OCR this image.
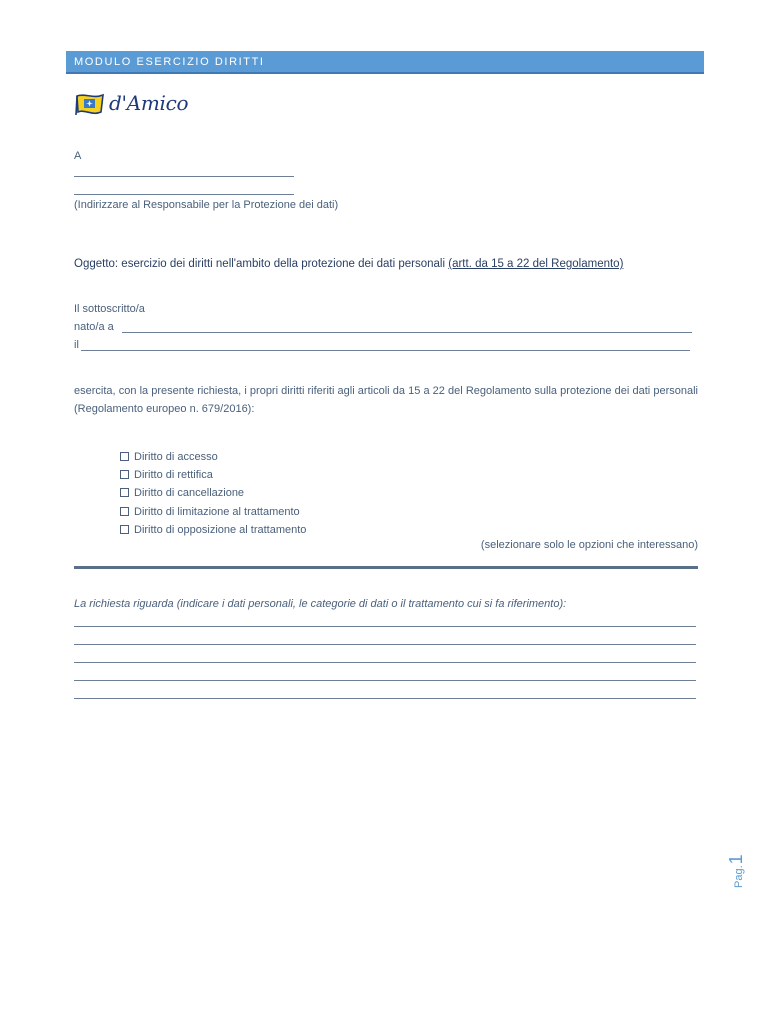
MODULO ESERCIZIO DIRITTI
d'Amico
A
(Indirizzare al Responsabile per la Protezione dei dati)
Oggetto: esercizio dei diritti nell'ambito della protezione dei dati personali (artt. da 15 a 22 del Regolamento)
Il sottoscritto/a
nato/a a
il
esercita, con la presente richiesta, i propri diritti riferiti agli articoli da 15 a 22 del Regolamento sulla protezione dei dati personali (Regolamento europeo n. 679/2016):
Diritto di accesso
Diritto di rettifica
Diritto di cancellazione
Diritto di limitazione al trattamento
Diritto di opposizione al trattamento
(selezionare solo le opzioni che interessano)
La richiesta riguarda (indicare i dati personali, le categorie di dati o il trattamento cui si fa riferimento):
Pag.1
